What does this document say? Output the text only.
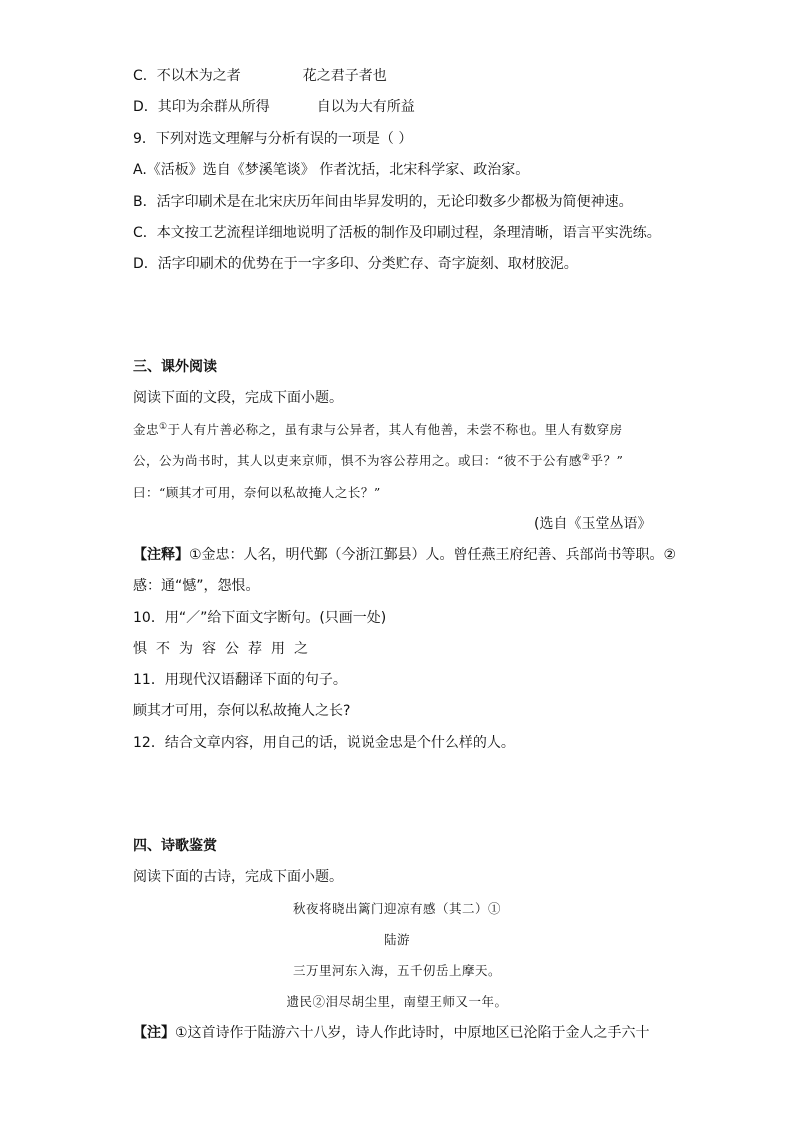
C．不以木为之者	花之君子者也
D．其印为余群从所得	自以为大有所益
9．下列对选文理解与分析有误的一项是（ ）
A.《活板》选自《梦溪笔谈》 作者沈括，北宋科学家、政治家。
B．活字印刷术是在北宋庆历年间由毕昇发明的，无论印数多少都极为简便神速。
C．本文按工艺流程详细地说明了活板的制作及印刷过程，条理清晰，语言平实洗练。
D．活字印刷术的优势在于一字多印、分类贮存、奇字旋刻、取材胶泥。
三、课外阅读
阅读下面的文段，完成下面小题。
金忠①于人有片善必称之，虽有隶与公异者，其人有他善，未尝不称也。里人有数穿房
公，公为尚书时，其人以吏来京师，惧不为容公荐用之。或曰：“彼不于公有感②乎？”
曰：“顾其才可用，奈何以私故掩人之长？”
(选自《玉堂丛语》
【注释】①金忠：人名，明代鄞（今浙江鄞县）人。曾任燕王府纪善、兵部尚书等职。②
感：通“憾”，怨恨。
10．用“／”给下面文字断句。(只画一处)
惧不为容公荐用之
11．用现代汉语翻译下面的句子。
顾其才可用，奈何以私故掩人之长?
12．结合文章内容，用自己的话，说说金忠是个什么样的人。
四、诗歌鉴赏
阅读下面的古诗，完成下面小题。
秋夜将晓出篱门迎凉有感（其二）①
陆游
三万里河东入海，五千仞岳上摩天。
遗民②泪尽胡尘里，南望王师又一年。
【注】①这首诗作于陆游六十八岁，诗人作此诗时，中原地区已沦陷于金人之手六十
